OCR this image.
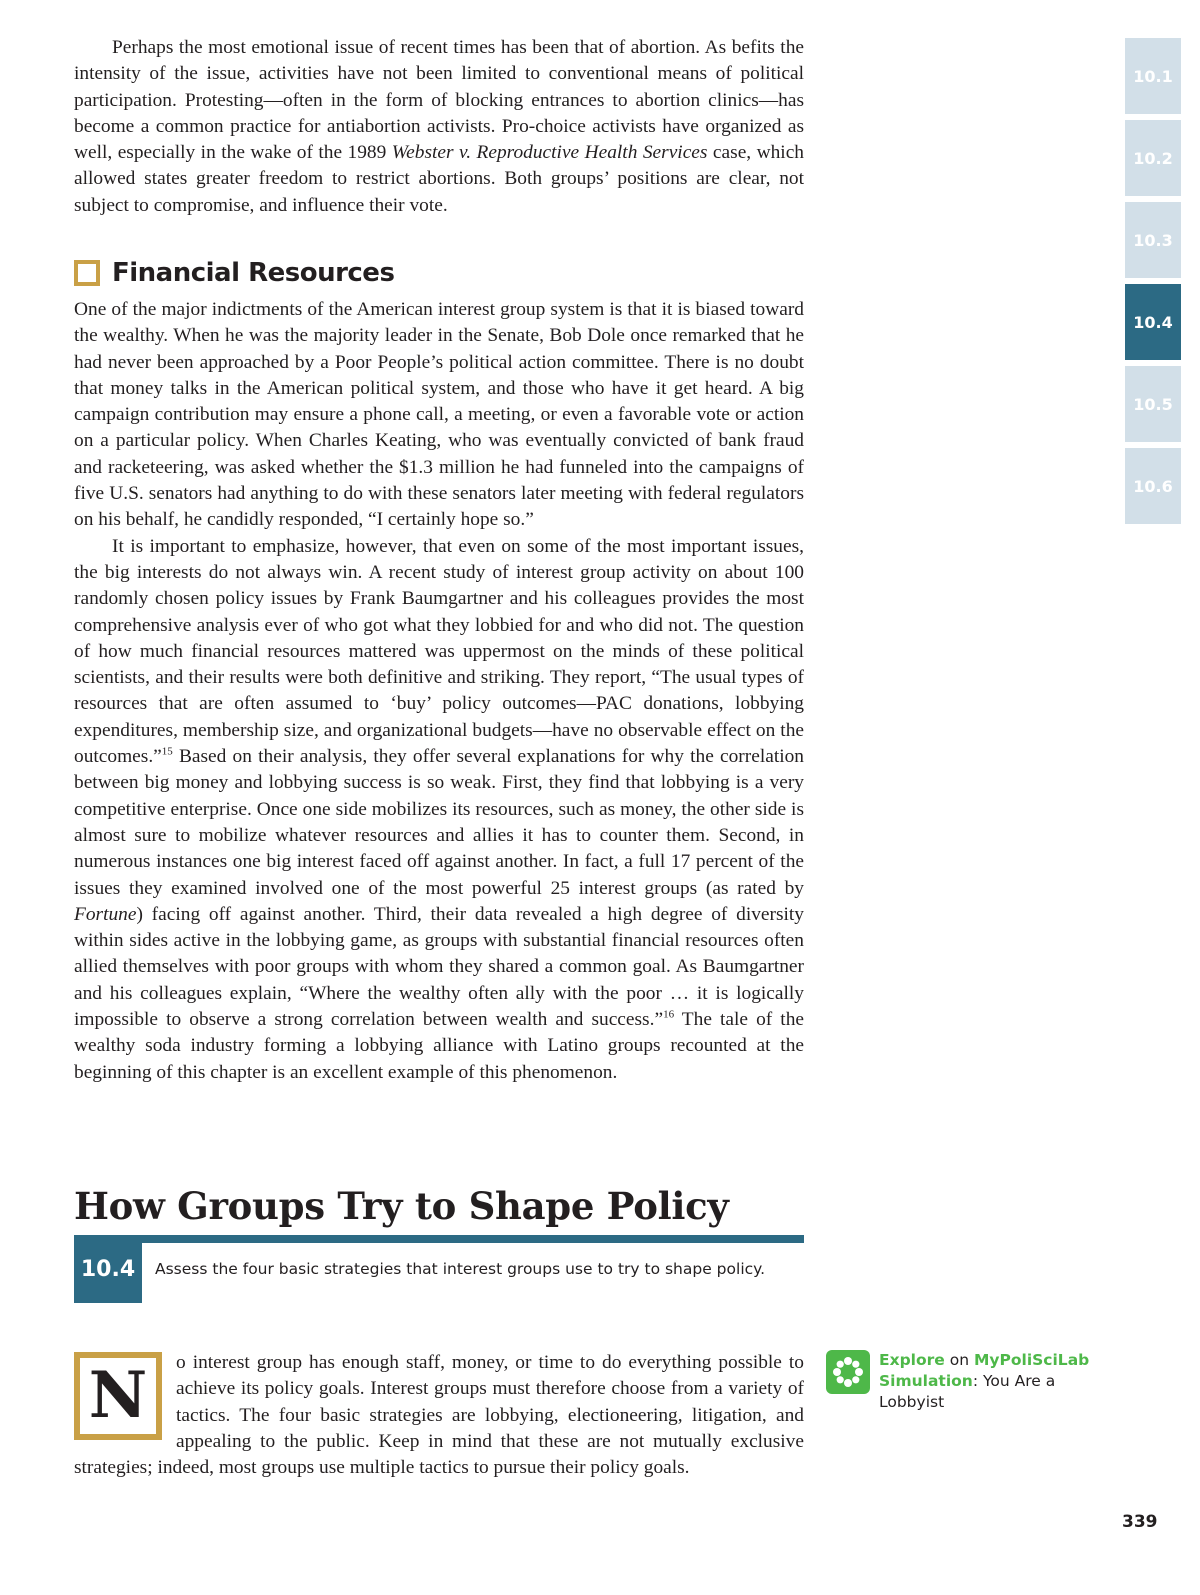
Perhaps the most emotional issue of recent times has been that of abortion. As befits the intensity of the issue, activities have not been limited to conventional means of political participation. Protesting—often in the form of blocking entrances to abortion clinics—has become a common practice for antiabortion activists. Pro-choice activists have organized as well, especially in the wake of the 1989 Webster v. Reproductive Health Services case, which allowed states greater freedom to restrict abortions. Both groups’ positions are clear, not subject to compromise, and influence their vote.

Financial Resources

One of the major indictments of the American interest group system is that it is biased toward the wealthy. When he was the majority leader in the Senate, Bob Dole once remarked that he had never been approached by a Poor People’s political action committee. There is no doubt that money talks in the American political system, and those who have it get heard. A big campaign contribution may ensure a phone call, a meeting, or even a favorable vote or action on a particular policy. When Charles Keating, who was eventually convicted of bank fraud and racketeering, was asked whether the $1.3 million he had funneled into the campaigns of five U.S. senators had anything to do with these senators later meeting with federal regulators on his behalf, he candidly responded, “I certainly hope so.”

It is important to emphasize, however, that even on some of the most important issues, the big interests do not always win. A recent study of interest group activity on about 100 randomly chosen policy issues by Frank Baumgartner and his colleagues provides the most comprehensive analysis ever of who got what they lobbied for and who did not. The question of how much financial resources mattered was uppermost on the minds of these political scientists, and their results were both definitive and striking. They report, “The usual types of resources that are often assumed to ‘buy’ policy outcomes—PAC donations, lobbying expenditures, membership size, and organizational budgets—have no observable effect on the outcomes.”$^{15}$ Based on their analysis, they offer several explanations for why the correlation between big money and lobbying success is so weak. First, they find that lobbying is a very competitive enterprise. Once one side mobilizes its resources, such as money, the other side is almost sure to mobilize whatever resources and allies it has to counter them. Second, in numerous instances one big interest faced off against another. In fact, a full 17 percent of the issues they examined involved one of the most powerful 25 interest groups (as rated by Fortune) facing off against another. Third, their data revealed a high degree of diversity within sides active in the lobbying game, as groups with substantial financial resources often allied themselves with poor groups with whom they shared a common goal. As Baumgartner and his colleagues explain, “Where the wealthy often ally with the poor … it is logically impossible to observe a strong correlation between wealth and success.”$^{16}$ The tale of the wealthy soda industry forming a lobbying alliance with Latino groups recounted at the beginning of this chapter is an excellent example of this phenomenon.

How Groups Try to Shape Policy
10.4	Assess the four basic strategies that interest groups use to try to shape policy.
N	o interest group has enough staff, money, or time to do everything possible to achieve its policy goals. Interest groups must therefore choose from a variety of tactics. The four basic strategies are lobbying, electioneering, litigation, and appealing to the public. Keep in mind that these are not mutually exclusive strategies; indeed, most groups use multiple tactics to pursue their policy goals.
Explore on MyPoliSciLab
Simulation: You Are a Lobbyist
10.1
10.2
10.3
10.4
10.5
10.6
339
